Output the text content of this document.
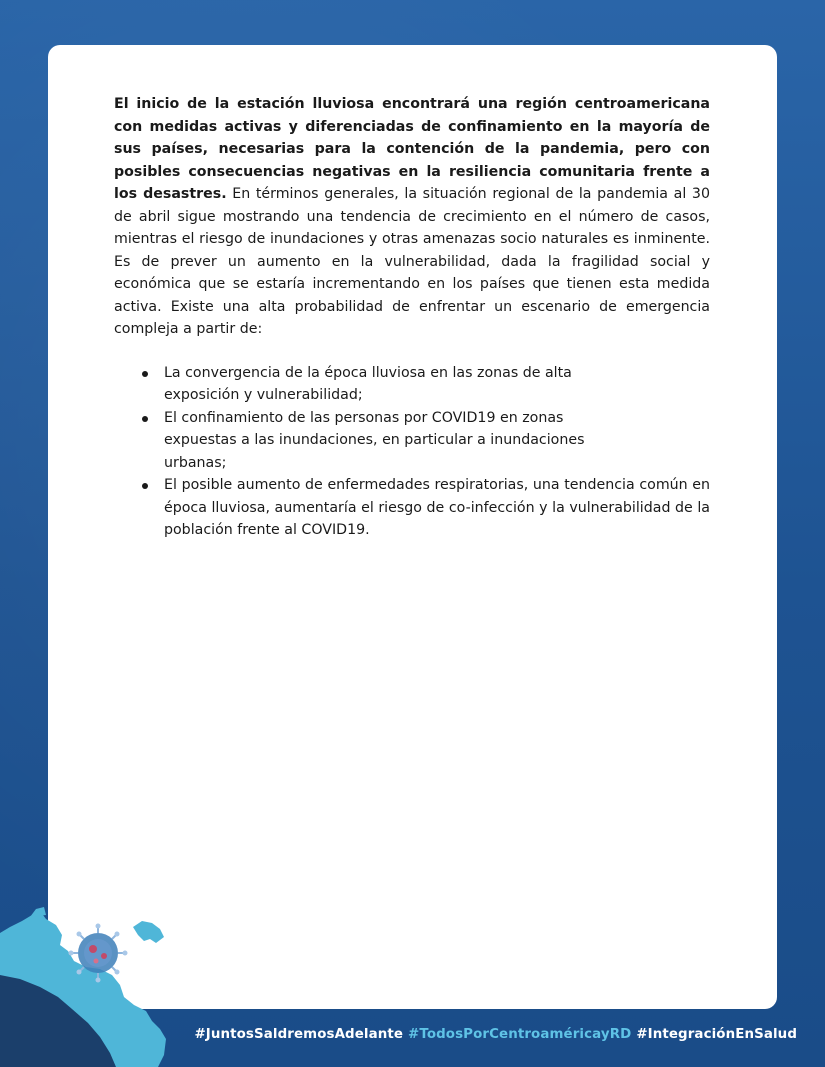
El inicio de la estación lluviosa encontrará una región centroamericana con medidas activas y diferenciadas de confinamiento en la mayoría de sus países, necesarias para la contención de la pandemia, pero con posibles consecuencias negativas en la resiliencia comunitaria frente a los desastres. En términos generales, la situación regional de la pandemia al 30 de abril sigue mostrando una tendencia de crecimiento en el número de casos, mientras el riesgo de inundaciones y otras amenazas socio naturales es inminente. Es de prever un aumento en la vulnerabilidad, dada la fragilidad social y económica que se estaría incrementando en los países que tienen esta medida activa. Existe una alta probabilidad de enfrentar un escenario de emergencia compleja a partir de:

La convergencia de la época lluviosa en las zonas de alta exposición y vulnerabilidad;
El confinamiento de las personas por COVID19 en zonas expuestas a las inundaciones, en particular a inundaciones urbanas;
El posible aumento de enfermedades respiratorias, una tendencia común en época lluviosa, aumentaría el riesgo de co-infección y la vulnerabilidad de la población frente al COVID19.
#JuntosSaldremosAdelante #TodosPorCentroaméricayRD #IntegraciónEnSalud
